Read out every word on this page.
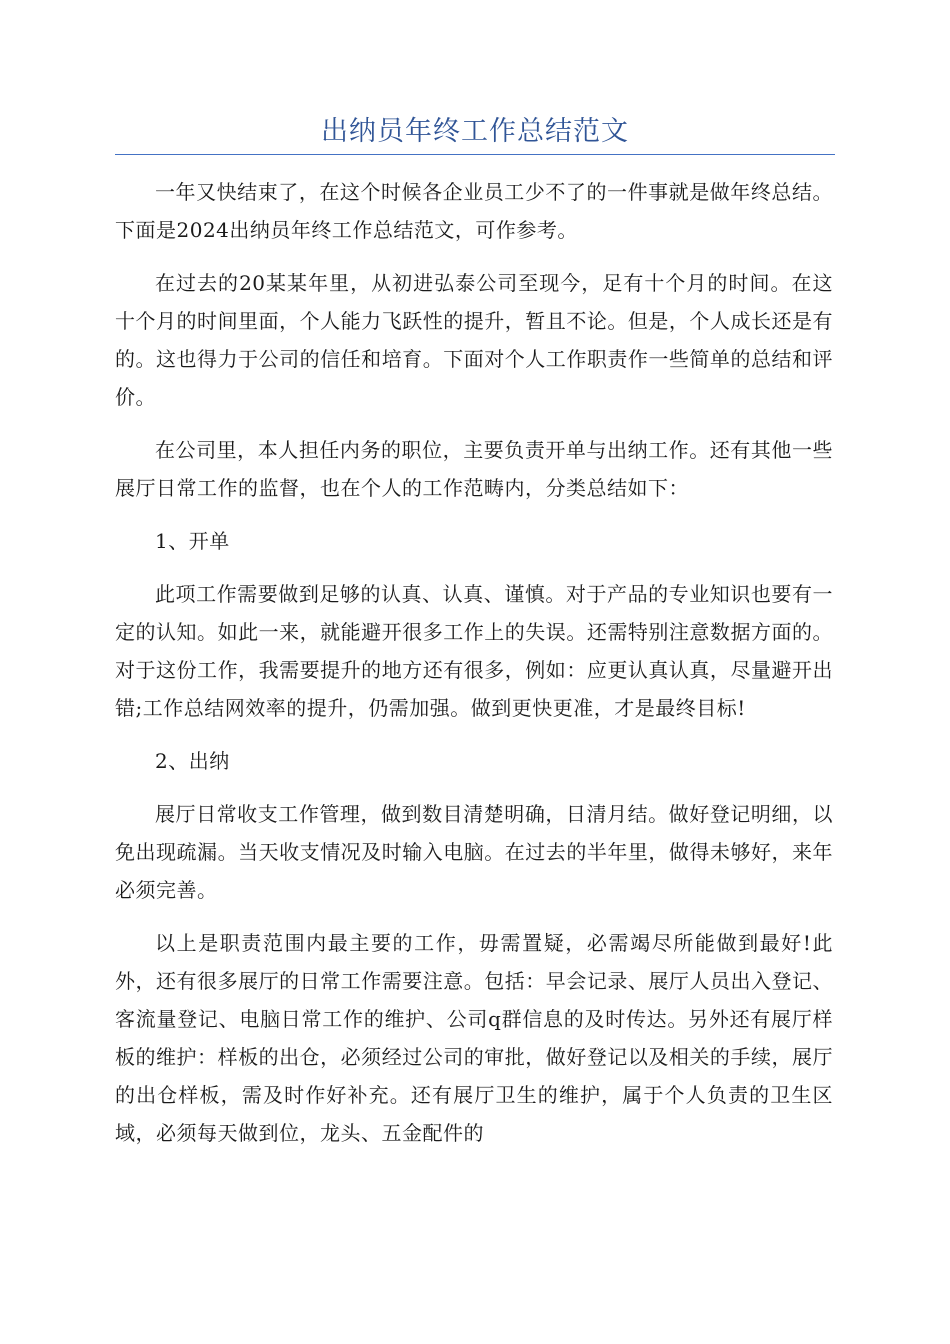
出纳员年终工作总结范文

一年又快结束了，在这个时候各企业员工少不了的一件事就是做年终总结。下面是2024出纳员年终工作总结范文，可作参考。

在过去的20某某年里，从初进弘泰公司至现今，足有十个月的时间。在这十个月的时间里面，个人能力飞跃性的提升，暂且不论。但是，个人成长还是有的。这也得力于公司的信任和培育。下面对个人工作职责作一些简单的总结和评价。

在公司里，本人担任内务的职位，主要负责开单与出纳工作。还有其他一些展厅日常工作的监督，也在个人的工作范畴内，分类总结如下：

1、开单

此项工作需要做到足够的认真、认真、谨慎。对于产品的专业知识也要有一定的认知。如此一来，就能避开很多工作上的失误。还需特别注意数据方面的。对于这份工作，我需要提升的地方还有很多，例如：应更认真认真，尽量避开出错;工作总结网效率的提升，仍需加强。做到更快更准，才是最终目标!

2、出纳

展厅日常收支工作管理，做到数目清楚明确，日清月结。做好登记明细，以免出现疏漏。当天收支情况及时输入电脑。在过去的半年里，做得未够好，来年必须完善。

以上是职责范围内最主要的工作，毋需置疑，必需竭尽所能做到最好!此外，还有很多展厅的日常工作需要注意。包括：早会记录、展厅人员出入登记、客流量登记、电脑日常工作的维护、公司q群信息的及时传达。另外还有展厅样板的维护：样板的出仓，必须经过公司的审批，做好登记以及相关的手续，展厅的出仓样板，需及时作好补充。还有展厅卫生的维护，属于个人负责的卫生区域，必须每天做到位，龙头、五金配件的
